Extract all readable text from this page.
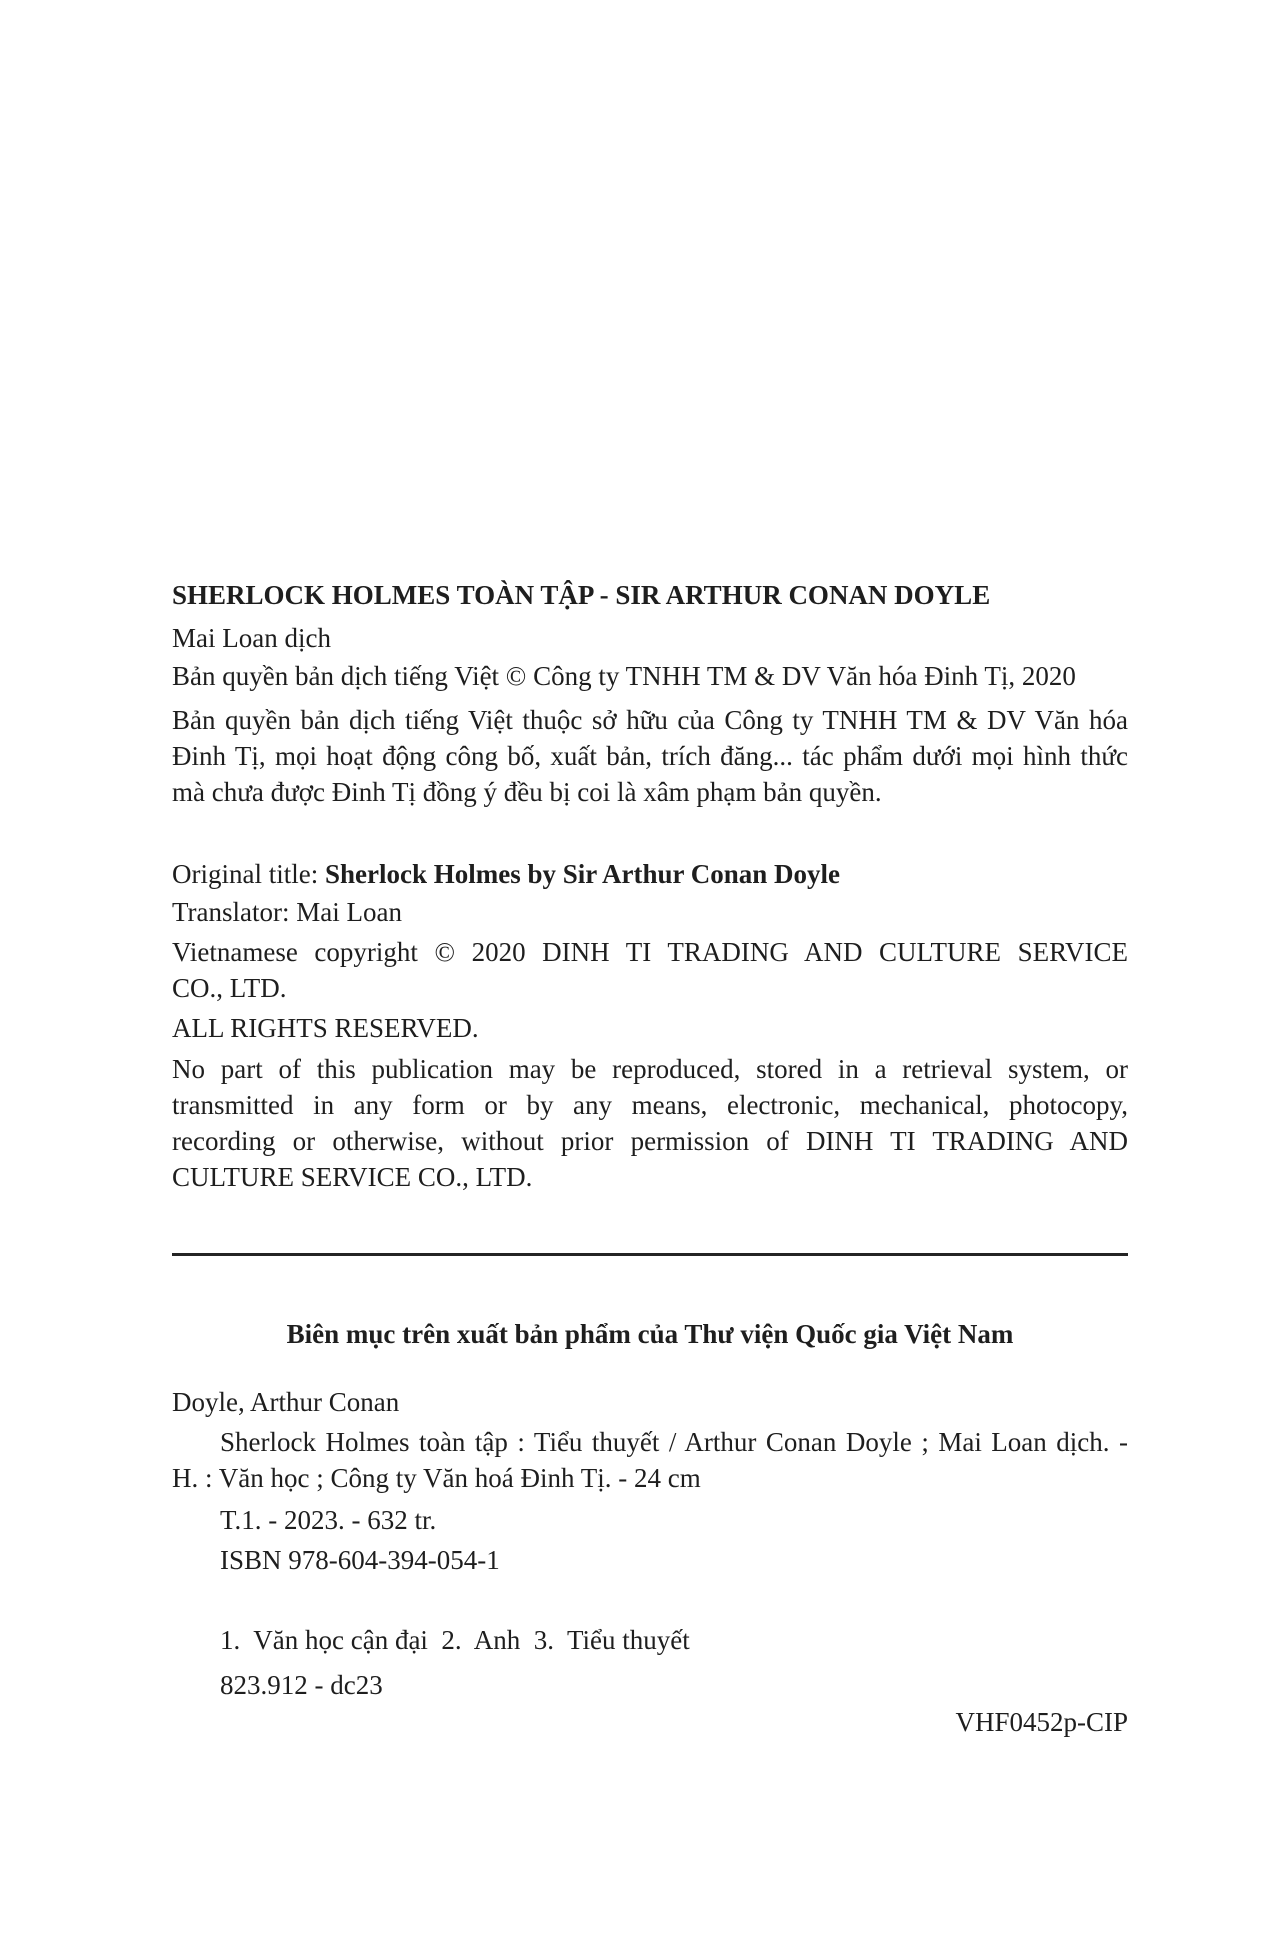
SHERLOCK HOLMES TOÀN TẬP - SIR ARTHUR CONAN DOYLE
Mai Loan dịch
Bản quyền bản dịch tiếng Việt © Công ty TNHH TM & DV Văn hóa Đinh Tị, 2020
Bản quyền bản dịch tiếng Việt thuộc sở hữu của Công ty TNHH TM & DV Văn hóa
Đinh Tị, mọi hoạt động công bố, xuất bản, trích đăng... tác phẩm dưới mọi hình thức
mà chưa được Đinh Tị đồng ý đều bị coi là xâm phạm bản quyền.
Original title: Sherlock Holmes by Sir Arthur Conan Doyle
Translator: Mai Loan
Vietnamese copyright © 2020 DINH TI TRADING AND CULTURE SERVICE
CO., LTD.
ALL RIGHTS RESERVED.
No part of this publication may be reproduced, stored in a retrieval system, or
transmitted in any form or by any means, electronic, mechanical, photocopy,
recording or otherwise, without prior permission of DINH TI TRADING AND
CULTURE SERVICE CO., LTD.
Biên mục trên xuất bản phẩm của Thư viện Quốc gia Việt Nam
Doyle, Arthur Conan
Sherlock Holmes toàn tập : Tiểu thuyết / Arthur Conan Doyle ; Mai Loan dịch. -
H. : Văn học ; Công ty Văn hoá Đinh Tị. - 24 cm
T.1. - 2023. - 632 tr.
ISBN 978-604-394-054-1
1.  Văn học cận đại  2.  Anh  3.  Tiểu thuyết
823.912 - dc23
VHF0452p-CIP
